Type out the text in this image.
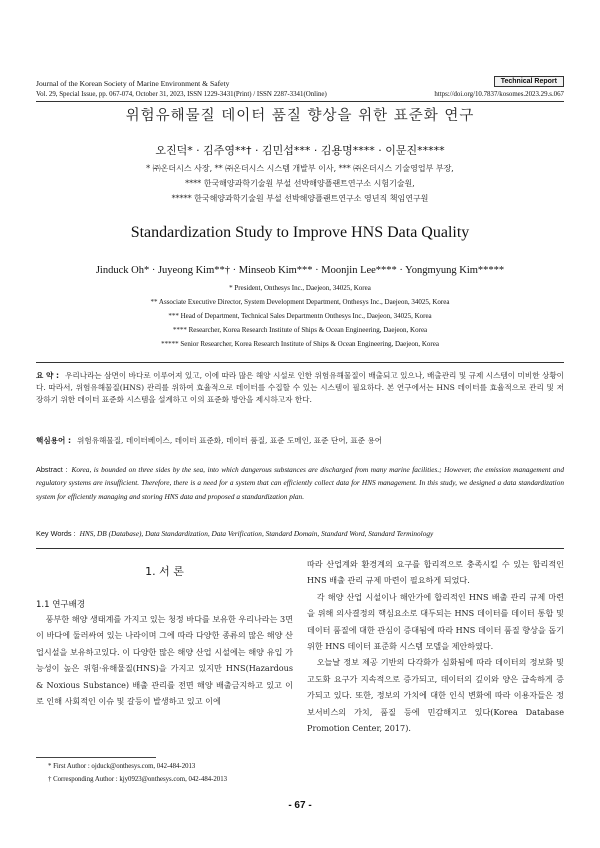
Journal of the Korean Society of Marine Environment & Safety	Technical Report
Vol. 29, Special Issue, pp. 067-074, October 31, 2023, ISSN 1229-3431(Print) / ISSN 2287-3341(Online)	https://doi.org/10.7837/kosomes.2023.29.s.067
위험유해물질 데이터 품질 향상을 위한 표준화 연구
오진덕* · 김주영**† · 김민섭*** · 김용명**** · 이문진*****
* ㈜온더시스 사장, ** ㈜온더시스 시스템 개발부 이사, *** ㈜온더시스 기술영업부 부장,
**** 한국해양과학기술원 부설 선박해양플랜트연구소 시험기술원,
***** 한국해양과학기술원 부설 선박해양플랜트연구소 영년직 책임연구원
Standardization Study to Improve HNS Data Quality
Jinduck Oh* · Juyeong Kim**† · Minseob Kim*** · Moonjin Lee**** · Yongmyung Kim*****
* President, Onthesys Inc., Daejeon, 34025, Korea
** Associate Executive Director, System Development Department, Onthesys Inc., Daejeon, 34025, Korea
*** Head of Department, Technical Sales Departmentn Onthesys Inc., Daejeon, 34025, Korea
**** Researcher, Korea Research Institute of Ships & Ocean Engineering, Daejeon, Korea
***** Senior Researcher, Korea Research Institute of Ships & Ocean Engineering, Daejeon, Korea
요 약 : 우리나라는 삼면이 바다로 이루어져 있고, 이에 따라 많은 해양 시설로 인한 위험유해물질이 배출되고 있으나, 배출관리 및 규제 시스템이 미비한 상황이다. 따라서, 위험유해물질(HNS) 관리를 위하여 효율적으로 데이터를 수집할 수 있는 시스템이 필요하다. 본 연구에서는 HNS 데이터를 효율적으로 관리 및 저장하기 위한 데이터 표준화 시스템을 설계하고 이의 표준화 방안을 제시하고자 한다.
핵심용어 : 위험유해물질, 데이터베이스, 데이터 표준화, 데이터 품질, 표준 도메인, 표준 단어, 표준 용어
Abstract : Korea, is bounded on three sides by the sea, into which dangerous substances are discharged from many marine facilities.; However, the emission management and regulatory systems are insufficient. Therefore, there is a need for a system that can efficiently collect data for HNS management. In this study, we designed a data standardization system for efficiently managing and storing HNS data and proposed a standardization plan.
Key Words : HNS, DB (Database), Data Standardization, Data Verification, Standard Domain, Standard Word, Standard Terminology
1. 서 론
1.1 연구배경
풍부한 해양 생태계를 가지고 있는 청정 바다를 보유한 우리나라는 3면이 바다에 둘러싸여 있는 나라이며 그에 따라 다양한 종류의 많은 해양 산업시설을 보유하고있다. 이 다양한 많은 해양 산업 시설에는 해양 유입 가능성이 높은 위험·유해물질(HNS)을 가지고 있지만 HNS(Hazardous & Noxious Substance) 배출 관리를 전면 해양 배출금지하고 있고 이로 인해 사회적인 이슈 및 갈등이 발생하고 있고 이에
따라 산업계와 환경계의 요구를 합리적으로 충족시킬 수 있는 합리적인 HNS 배출 관리 규제 마련이 필요하게 되었다.
각 해양 산업 시설이나 해안가에 합리적인 HNS 배출 관리 규제 마련을 위해 의사결정의 핵심요소로 대두되는 HNS 데이터를 데이터 통합 및 데이터 품질에 대한 관심이 증대됨에 따라 HNS 데이터 품질 향상을 돕기위한 HNS 데이터 표준화 시스템 모델을 제안하였다.
오늘날 정보 제공 기반의 다각화가 심화됨에 따라 데이터의 정보화 및 고도화 요구가 지속적으로 증가되고, 데이터의 깊이와 양은 급속하게 증가되고 있다. 또한, 정보의 가치에 대한 인식 변화에 따라 이용자들은 정보서비스의 가치, 품질 등에 민감해지고 있다(Korea Database Promotion Center, 2017).
* First Author : ojduck@onthesys.com, 042-484-2013
† Corresponding Author : kjy0923@onthesys.com, 042-484-2013
- 67 -
